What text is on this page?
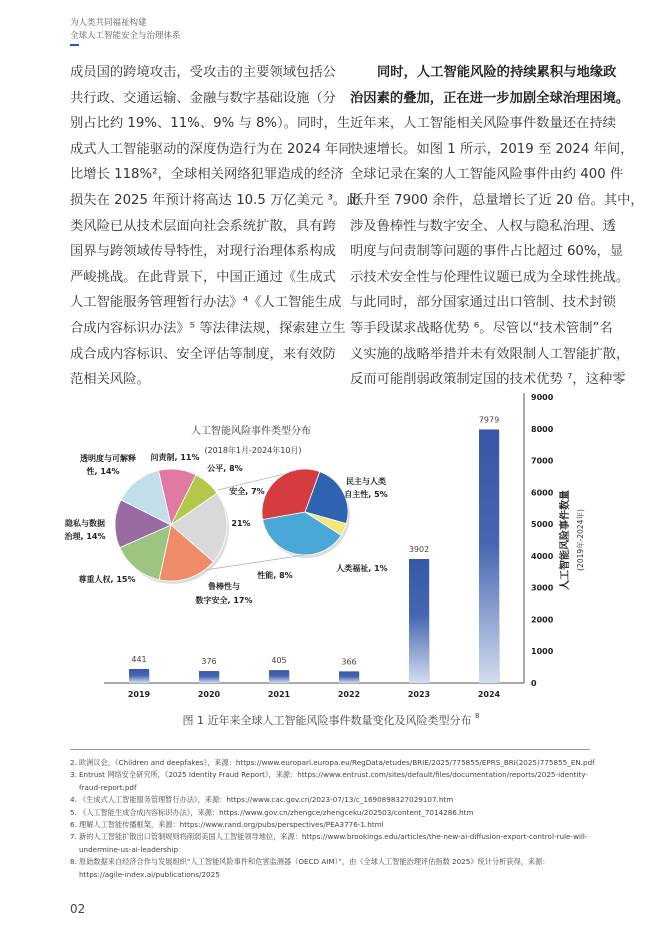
为人类共同福祉构建
全球人工智能安全与治理体系
成员国的跨境攻击，受攻击的主要领域包括公
共行政、交通运输、金融与数字基础设施（分
别占比约 19%、11%、9% 与 8%）。同时，生
成式人工智能驱动的深度伪造行为在 2024 年同
比增长 118%²，全球相关网络犯罪造成的经济
损失在 2025 年预计将高达 10.5 万亿美元 ³。此
类风险已从技术层面向社会系统扩散，具有跨
国界与跨领域传导特性，对现行治理体系构成
严峻挑战。在此背景下，中国正通过《生成式
人工智能服务管理暂行办法》⁴《人工智能生成
合成内容标识办法》⁵ 等法律法规，探索建立生
成合成内容标识、安全评估等制度，来有效防
范相关风险。
同时，人工智能风险的持续累积与地缘政
治因素的叠加，正在进一步加剧全球治理困境。
近年来，人工智能相关风险事件数量还在持续
快速增长。如图 1 所示，2019 至 2024 年间，
全球记录在案的人工智能风险事件由约 400 件
跃升至 7900 余件，总量增长了近 20 倍。其中，
涉及鲁棒性与数字安全、人权与隐私治理、透
明度与问责制等问题的事件占比超过 60%，显
示技术安全性与伦理性议题已成为全球性挑战。
与此同时，部分国家通过出口管制、技术封锁
等手段谋求战略优势 ⁶。尽管以“技术管制”名
义实施的战略举措并未有效限制人工智能扩散，
反而可能削弱政策制定国的技术优势 ⁷，这种零
0
1000
2000
3000
4000
5000
6000
7000
8000
9000
441
2019
376
2020
405
2021
366
2022
3902
2023
7979
2024
人工智能风险事件类型分布
(2018年1月-2024年10月)
透明度与可解释
性, 14%
问责制, 11%
公平, 8%
21%
尊重人权, 15%
鲁棒性与
数字安全, 17%
安全, 7%
性能, 8%
民主与人类
自主性, 5%
人类福祉, 1%	人工智能风险事件数量 (2019年-2024年)
隐私与数据治理, 14%
图 1 近年来全球人工智能风险事件数量变化及风险类型分布 $^8$
2. 欧洲议会，《Children and deepfakes》，来源：https://www.europarl.europa.eu/RegData/etudes/BRIE/2025/775855/EPRS_BRI(2025)775855_EN.pdf
3. Entrust 网络安全研究所，《2025 Identity Fraud Report》，来源：https://www.entrust.com/sites/default/files/documentation/reports/2025-identity-fraud-report.pdf
4. 《生成式人工智能服务管理暂行办法》，来源：https://www.cac.gov.cn/2023-07/13/c_1690898327029107.htm
5. 《人工智能生成合成内容标识办法》，来源：https://www.gov.cn/zhengce/zhengceku/202503/content_7014286.htm
6. 理解人工智能传播框架，来源：https://www.rand.org/pubs/perspectives/PEA3776-1.html
7. 新的人工智能扩散出口管制规则将削弱美国人工智能领导地位，来源：https://www.brookings.edu/articles/the-new-ai-diffusion-export-control-rule-will-undermine-us-ai-leadership
8. 原始数据来自经济合作与发展组织“人工智能风险事件和危害监测器（OECD AIM）”，由《全球人工智能治理评估指数 2025》统计分析获得，来源：https://agile-index.ai/publications/2025
02
